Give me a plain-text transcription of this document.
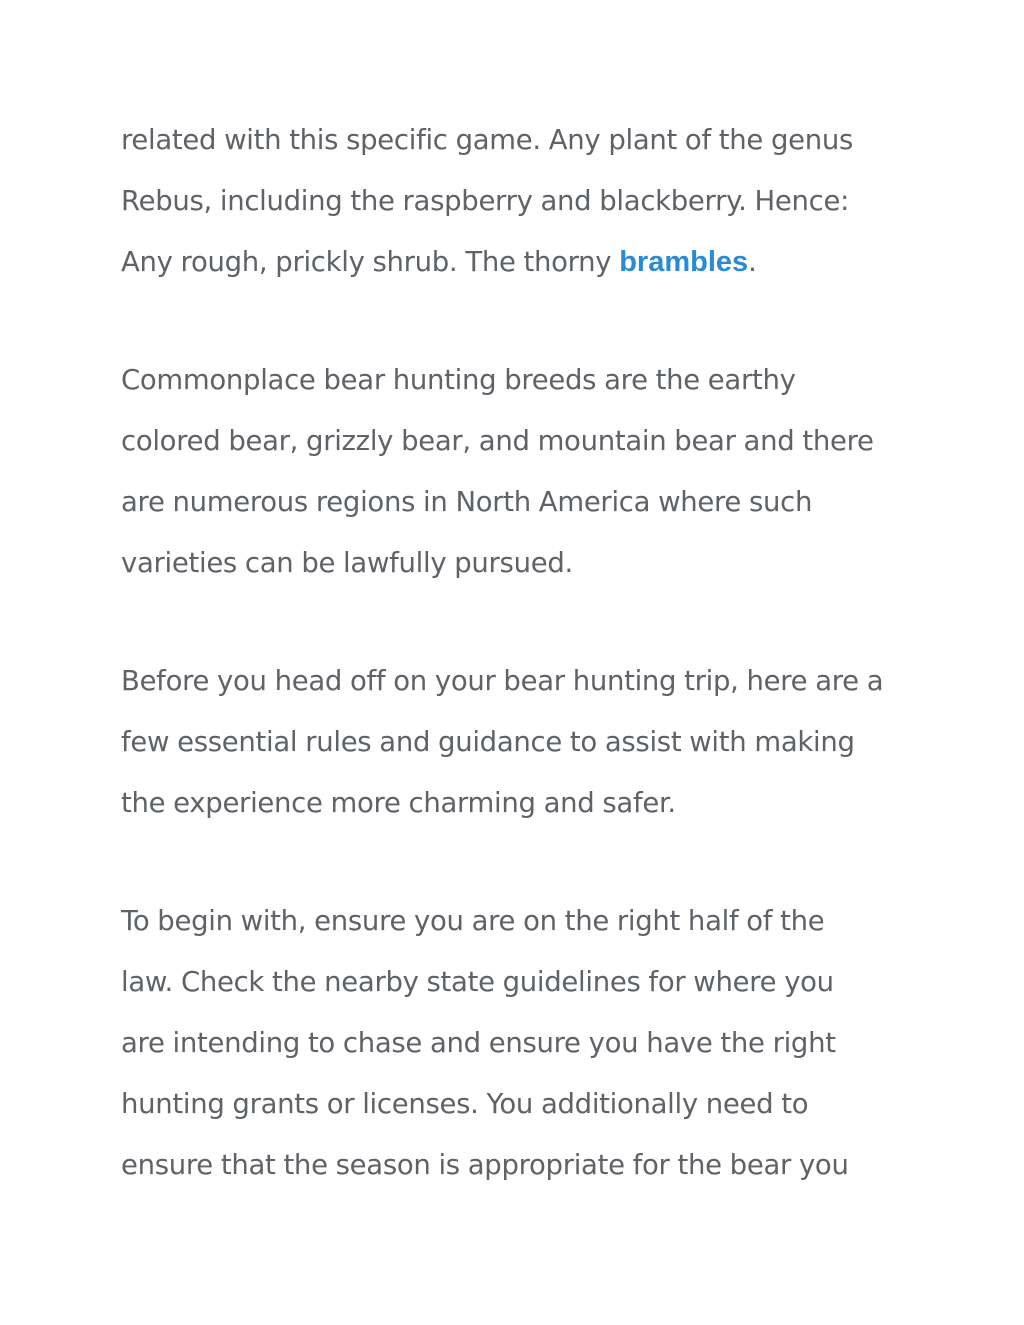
related with this specific game. Any plant of the genus
Rebus, including the raspberry and blackberry. Hence:
Any rough, prickly shrub. The thorny brambles.
Commonplace bear hunting breeds are the earthy
colored bear, grizzly bear, and mountain bear and there
are numerous regions in North America where such
varieties can be lawfully pursued.
Before you head off on your bear hunting trip, here are a
few essential rules and guidance to assist with making
the experience more charming and safer.
To begin with, ensure you are on the right half of the
law. Check the nearby state guidelines for where you
are intending to chase and ensure you have the right
hunting grants or licenses. You additionally need to
ensure that the season is appropriate for the bear you
